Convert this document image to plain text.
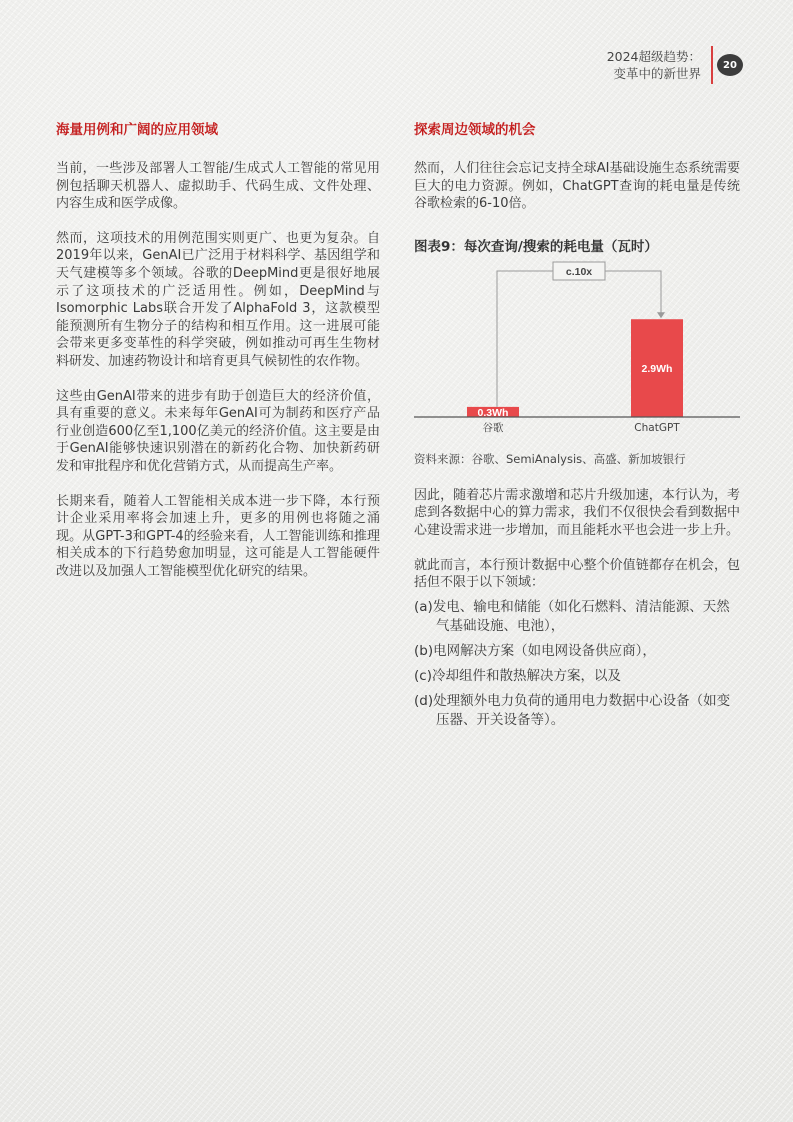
2024超级趋势：
变革中的新世界
20
海量用例和广阔的应用领域

当前，一些涉及部署人工智能/生成式人工智能的常见用例包括聊天机器人、虚拟助手、代码生成、文件处理、内容生成和医学成像。

然而，这项技术的用例范围实则更广、也更为复杂。自2019年以来，GenAI已广泛用于材料科学、基因组学和天气建模等多个领域。谷歌的DeepMind更是很好地展示了这项技术的广泛适用性。例如，DeepMind与Isomorphic Labs联合开发了AlphaFold 3，这款模型能预测所有生物分子的结构和相互作用。这一进展可能会带来更多变革性的科学突破，例如推动可再生生物材料研发、加速药物设计和培育更具气候韧性的农作物。

这些由GenAI带来的进步有助于创造巨大的经济价值，具有重要的意义。未来每年GenAI可为制药和医疗产品行业创造600亿至1,100亿美元的经济价值。这主要是由于GenAI能够快速识别潜在的新药化合物、加快新药研发和审批程序和优化营销方式，从而提高生产率。

长期来看，随着人工智能相关成本进一步下降，本行预计企业采用率将会加速上升，更多的用例也将随之涌现。从GPT-3和GPT-4的经验来看，人工智能训练和推理相关成本的下行趋势愈加明显，这可能是人工智能硬件改进以及加强人工智能模型优化研究的结果。

探索周边领域的机会

然而，人们往往会忘记支持全球AI基础设施生态系统需要巨大的电力资源。例如，ChatGPT查询的耗电量是传统谷歌检索的6-10倍。

图表9：每次查询/搜索的耗电量（瓦时）
0.3Wh
谷歌
2.9Wh
ChatGPT
c.10x
资料来源：谷歌、SemiAnalysis、高盛、新加坡银行

因此，随着芯片需求激增和芯片升级加速，本行认为，考虑到各数据中心的算力需求，我们不仅很快会看到数据中心建设需求进一步增加，而且能耗水平也会进一步上升。

就此而言，本行预计数据中心整个价值链都存在机会，包括但不限于以下领域：

(a)发电、输电和储能（如化石燃料、清洁能源、天然气基础设施、电池），
(b)电网解决方案（如电网设备供应商），
(c)冷却组件和散热解决方案，以及
(d)处理额外电力负荷的通用电力数据中心设备（如变压器、开关设备等）。
